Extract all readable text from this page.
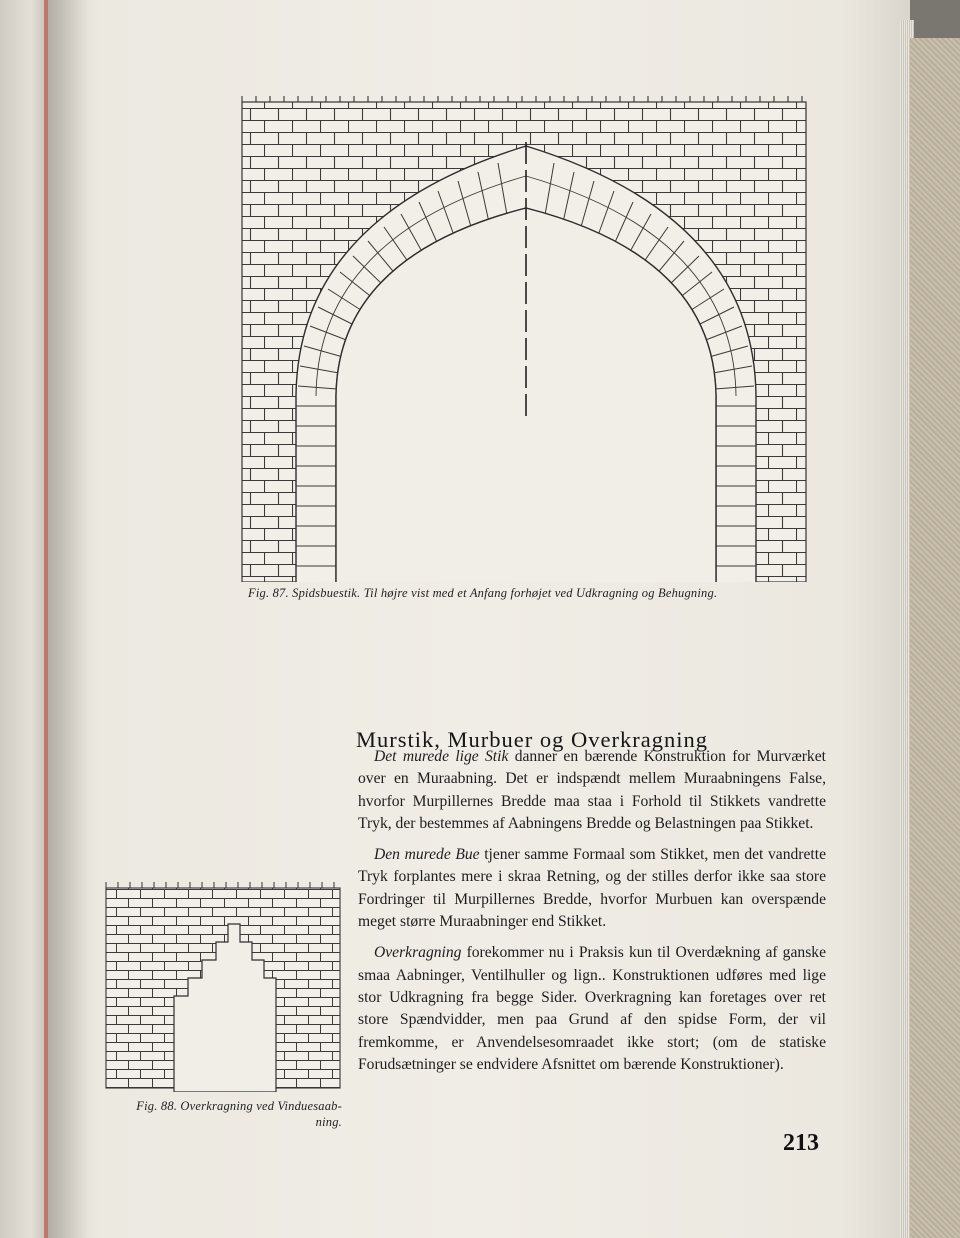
Fig. 87. Spidsbuestik. Til højre vist med et Anfang forhøjet ved Udkragning og Behugning.
Murstik, Murbuer og Overkragning

Det murede lige Stik danner en bærende Konstruktion for Murværket over en Muraabning. Det er indspændt mellem Muraabningens False, hvorfor Murpillernes Bredde maa staa i Forhold til Stikkets vandrette Tryk, der bestemmes af Aabningens Bredde og Belastningen paa Stikket.

Den murede Bue tjener samme Formaal som Stikket, men det vandrette Tryk forplantes mere i skraa Retning, og der stilles derfor ikke saa store Fordringer til Murpillernes Bredde, hvorfor Murbuen kan overspænde meget større Muraabninger end Stikket.

Overkragning forekommer nu i Praksis kun til Overdækning af ganske smaa Aabninger, Ventilhuller og lign.. Konstruktionen udføres med lige stor Udkragning fra begge Sider. Overkragning kan foretages over ret store Spændvidder, men paa Grund af den spidse Form, der vil fremkomme, er Anvendelsesomraadet ikke stort; (om de statiske Forudsætninger se endvidere Afsnittet om bærende Konstruktioner).

Fig. 88. Overkragning ved Vinduesaab-
ning.
213
